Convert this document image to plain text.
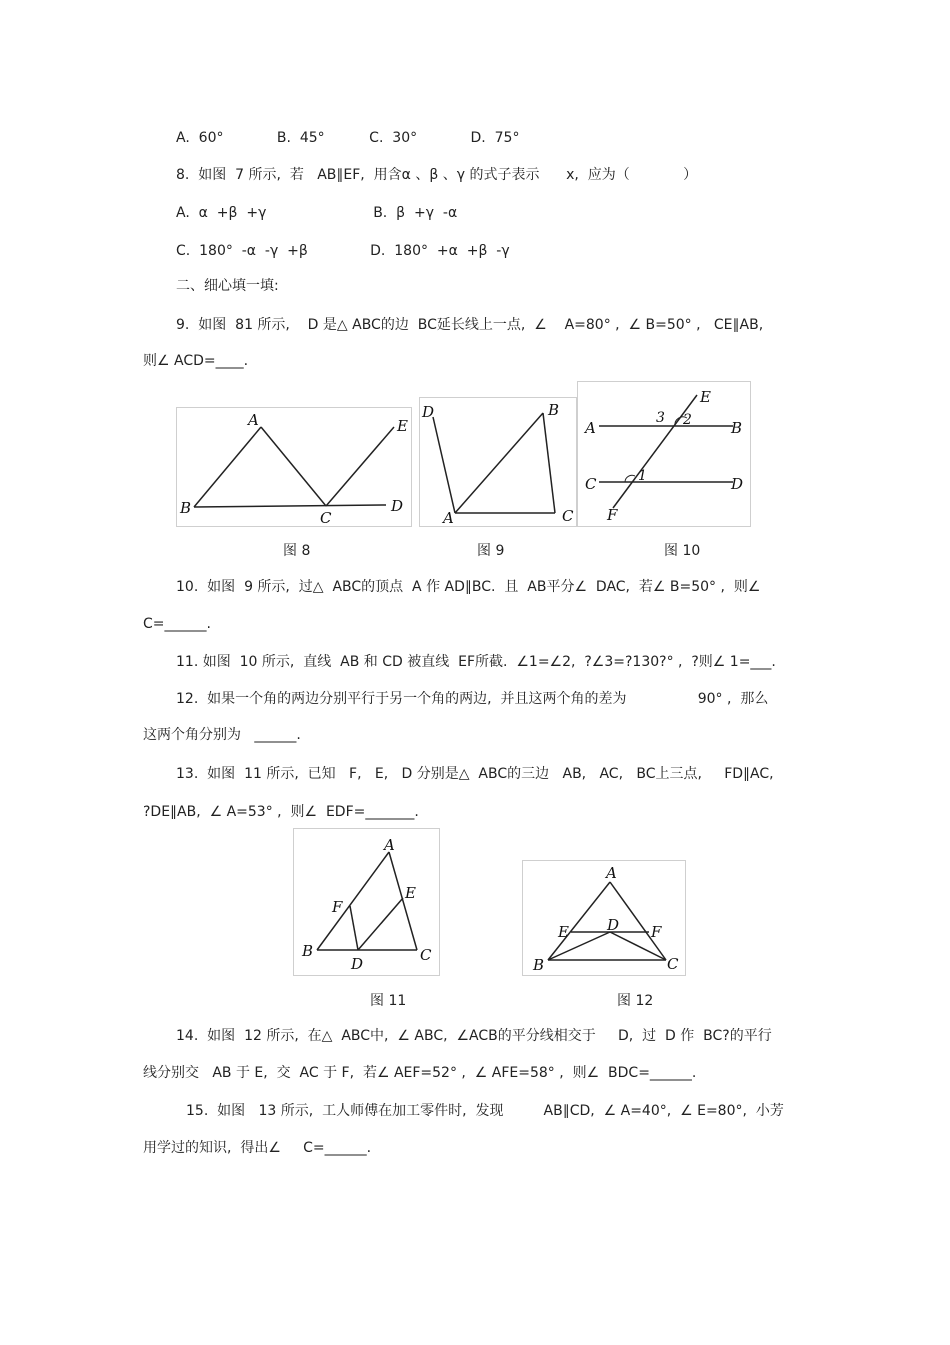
A.  60°            B.  45°          C.  30°            D.  75°
8.  如图  7 所示,  若   AB∥EF,  用含α 、β 、γ 的式子表示      x,  应为（            ）
A.  α  +β  +γ                        B.  β  +γ  -α
C.  180°  -α  -γ  +β              D.  180°  +α  +β  -γ
二、细心填一填:
9.  如图  81 所示,    D 是△ ABC的边  BC延长线上一点,  ∠    A=80° ,  ∠ B=50° ,   CE∥AB,
则∠ ACD=____.
A
B
C
D
E
D	B
A	C
A	B
C	D
E
F
3 2
1
图 8	图 9	图 10
10.  如图  9 所示,  过△  ABC的顶点  A 作 AD∥BC.  且  AB平分∠  DAC,  若∠ B=50° ,  则∠
C=______.
11. 如图  10 所示,  直线  AB 和 CD 被直线  EF所截.  ∠1=∠2,  ?∠3=?130?° ,  ?则∠ 1=___.
12.  如果一个角的两边分别平行于另一个角的两边,  并且这两个角的差为                90° ,  那么
这两个角分别为   ______.
13.  如图  11 所示,  已知   F,   E,   D 分别是△  ABC的三边   AB,   AC,   BC上三点,     FD∥AC,
?DE∥AB,  ∠ A=53° ,  则∠  EDF=_______.
A
B	C
D
E
F
A
B	C
D
E	F
图 11	图 12
14.  如图  12 所示,  在△  ABC中,  ∠ ABC,  ∠ACB的平分线相交于     D,  过  D 作  BC?的平行
线分别交   AB 于 E,  交  AC 于 F,  若∠ AEF=52° ,  ∠ AFE=58° ,  则∠  BDC=______.
15.  如图   13 所示,  工人师傅在加工零件时,  发现         AB∥CD,  ∠ A=40°,  ∠ E=80°,  小芳
用学过的知识,  得出∠     C=______.
